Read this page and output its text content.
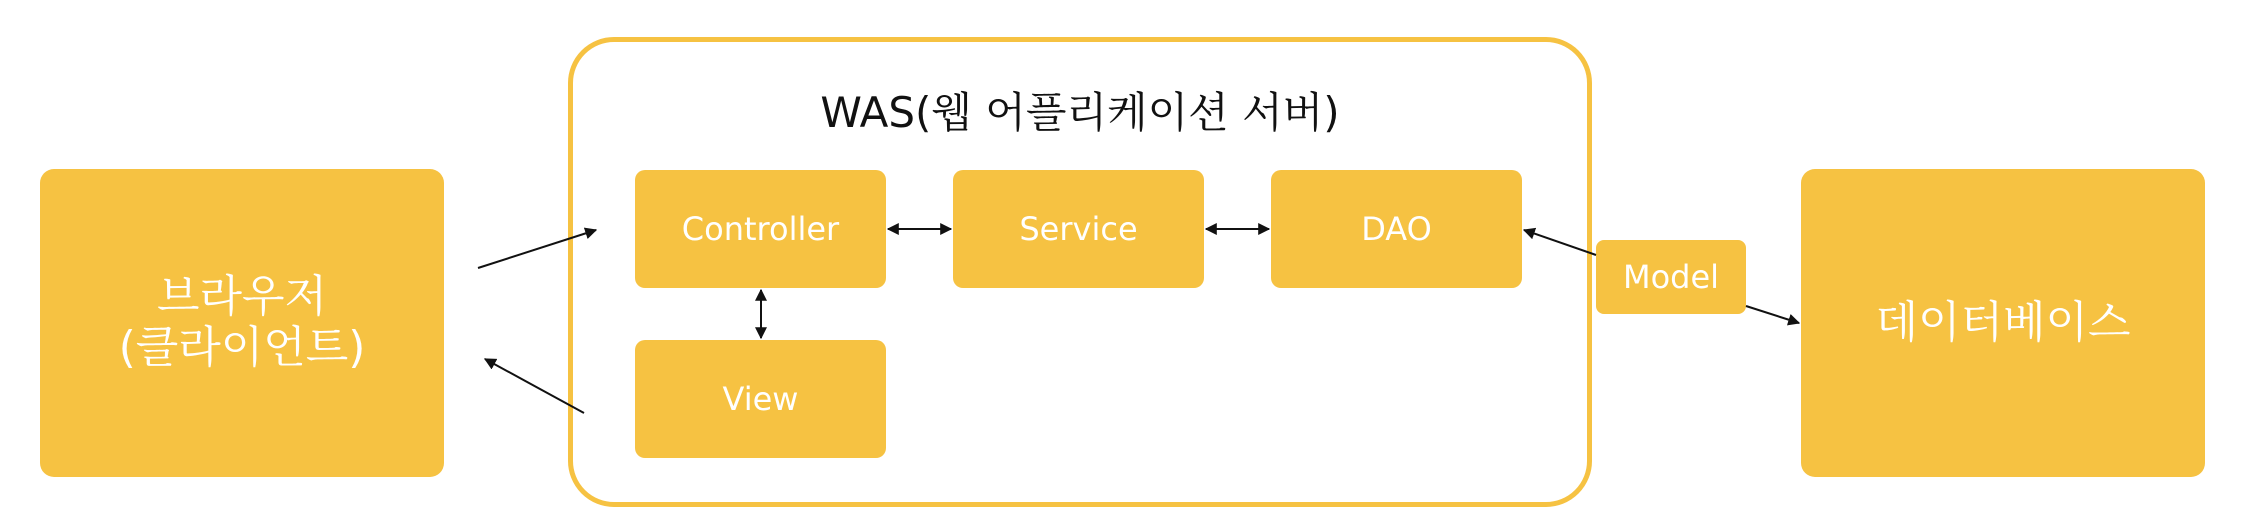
브라우저
(클라이언트)
WAS(웹 어플리케이션 서버)
Controller	Service	DAO
View
Model
데이터베이스
